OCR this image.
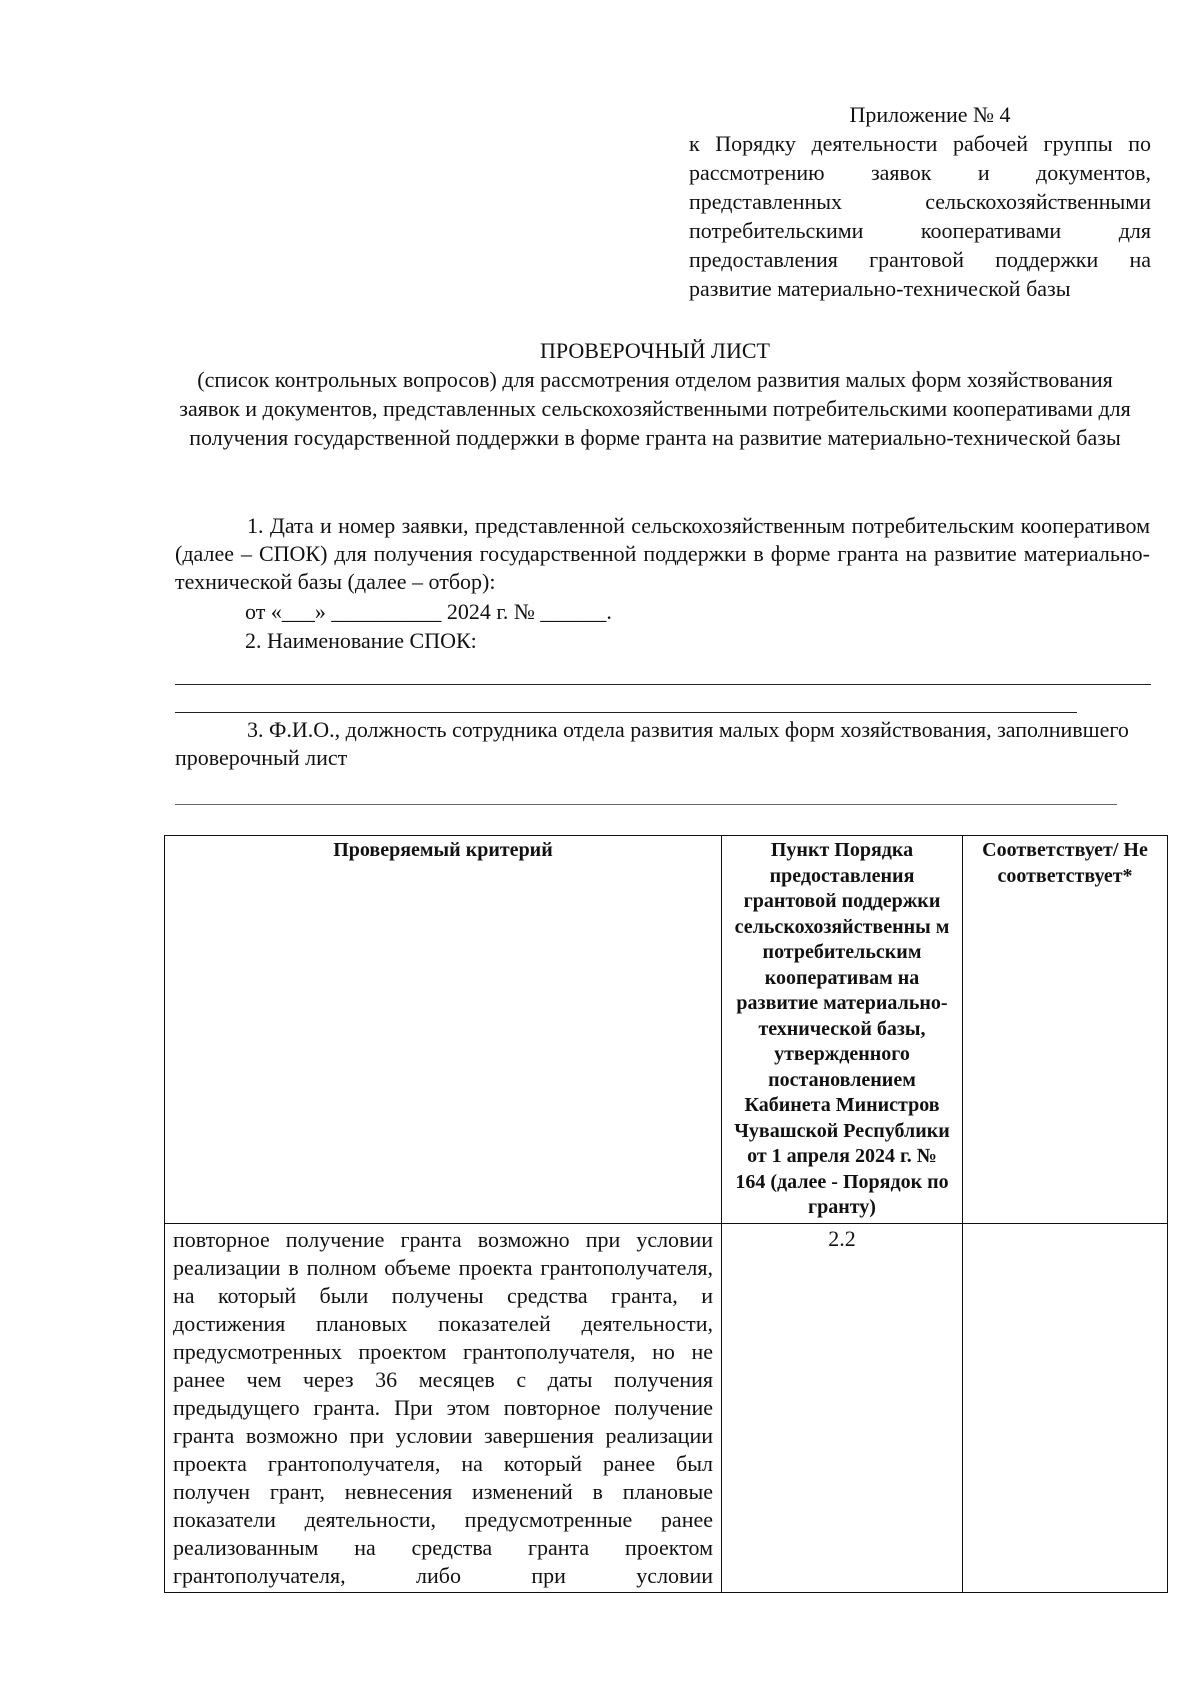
Приложение № 4
к Порядку деятельности рабочей группы по рассмотрению заявок и документов, представленных сельскохозяйственными потребительскими кооперативами для предоставления грантовой поддержки на развитие материально-технической базы
ПРОВЕРОЧНЫЙ ЛИСТ
(список контрольных вопросов) для рассмотрения отделом развития малых форм хозяйствования заявок и документов, представленных сельскохозяйственными потребительскими кооперативами для получения государственной поддержки в форме гранта на развитие материально-технической базы
1. Дата и номер заявки, представленной сельскохозяйственным потребительским кооперативом (далее – СПОК) для получения государственной поддержки в форме гранта на развитие материально-технической базы (далее – отбор):
от «___» __________ 2024 г. № ______.
2. Наименование СПОК:
3. Ф.И.О., должность сотрудника отдела развития малых форм хозяйствования, заполнившего проверочный лист
Проверяемый критерий	Пункт Порядка предоставления грантовой поддержки сельскохозяйственны м потребительским кооперативам на развитие материально-технической базы, утвержденного постановлением Кабинета Министров Чувашской Республики от 1 апреля 2024 г. № 164 (далее - Порядок по гранту)	Соответствует/ Не соответствует*
повторное получение гранта возможно при условии реализации в полном объеме проекта грантополучателя, на который были получены средства гранта, и достижения плановых показателей деятельности, предусмотренных проектом грантополучателя, но не ранее чем через 36 месяцев с даты получения предыдущего гранта. При этом повторное получение гранта возможно при условии завершения реализации проекта грантополучателя, на который ранее был получен грант, невнесения изменений в плановые показатели деятельности, предусмотренные ранее реализованным на средства гранта проектом грантополучателя, либо при условии	2.2	
